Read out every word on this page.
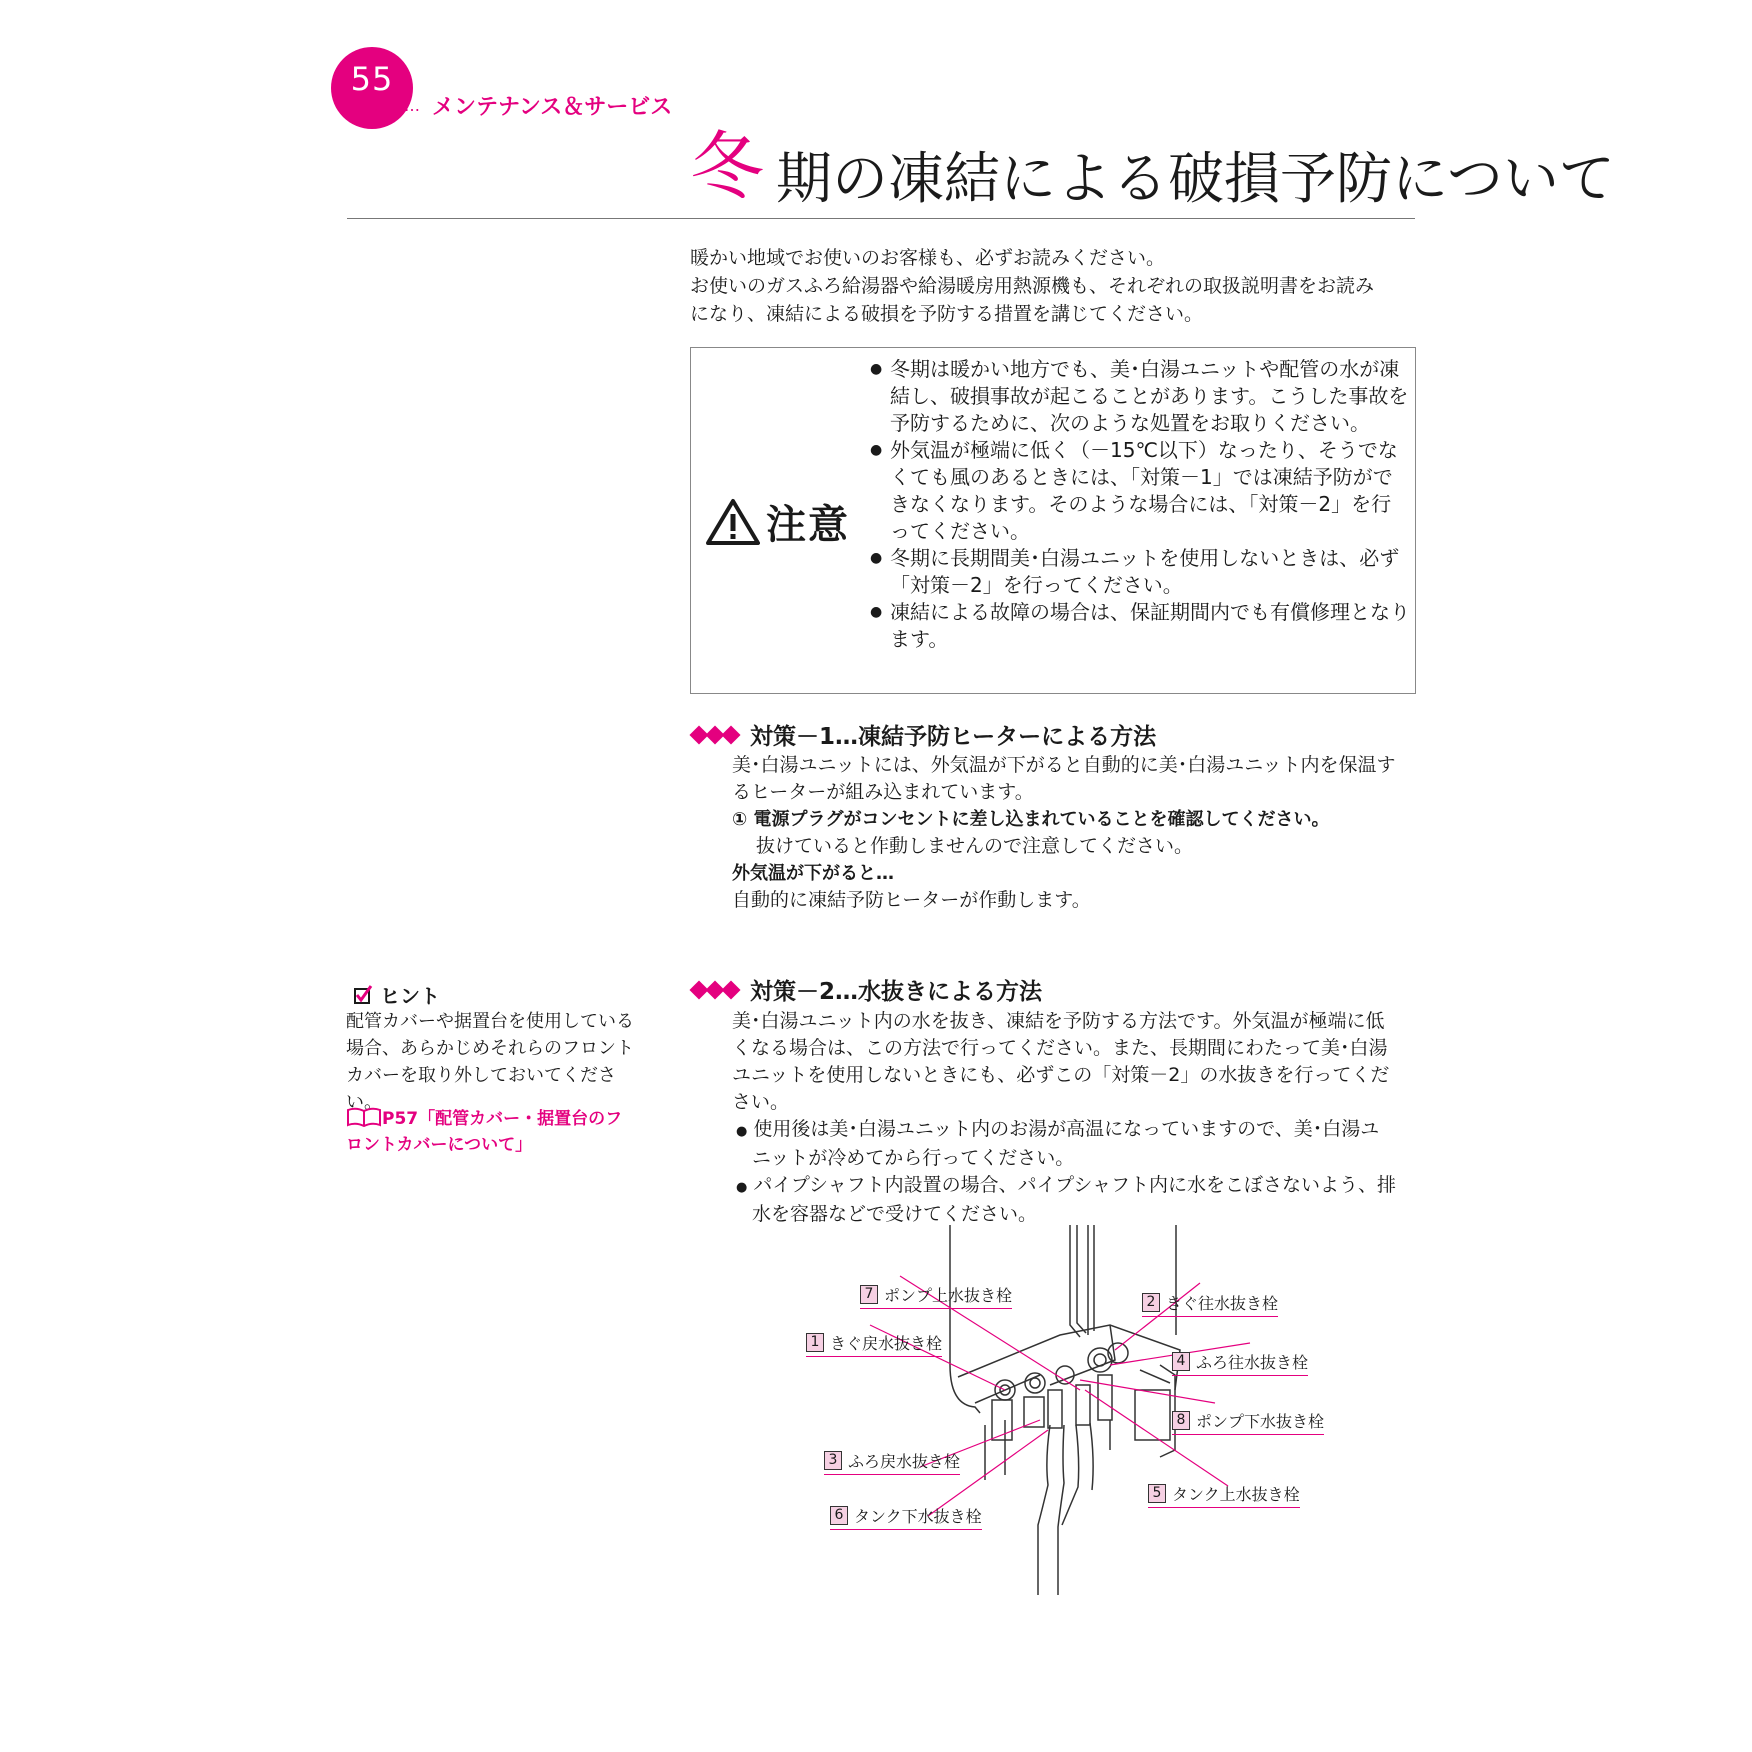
55
……… メンテナンス＆サービス
冬 期の凍結による破損予防について
暖かい地域でお使いのお客様も、必ずお読みください。
お使いのガスふろ給湯器や給湯暖房用熱源機も、それぞれの取扱説明書をお読み
になり、凍結による破損を予防する措置を講じてください。
注意
● 冬期は暖かい地方でも、美･白湯ユニットや配管の水が凍結し、破損事故が起こることがあります。こうした事故を予防するために、次のような処置をお取りください。
● 外気温が極端に低く（－15℃以下）なったり、そうでなくても風のあるときには、「対策－1」では凍結予防ができなくなります。そのような場合には、「対策－2」を行ってください。
● 冬期に長期間美･白湯ユニットを使用しないときは、必ず「対策－2」を行ってください。
● 凍結による故障の場合は、保証期間内でも有償修理となります。
対策－1…凍結予防ヒーターによる方法
美･白湯ユニットには、外気温が下がると自動的に美･白湯ユニット内を保温す
るヒーターが組み込まれています。
① 電源プラグがコンセントに差し込まれていることを確認してください。
抜けていると作動しませんので注意してください。
外気温が下がると…
自動的に凍結予防ヒーターが作動します。
ヒント
配管カバーや据置台を使用している場合、あらかじめそれらのフロントカバーを取り外しておいてください。
P57「配管カバー・据置台のフロントカバーについて」
対策－2…水抜きによる方法
美･白湯ユニット内の水を抜き、凍結を予防する方法です。外気温が極端に低
くなる場合は、この方法で行ってください。また、長期間にわたって美･白湯
ユニットを使用しないときにも、必ずこの「対策－2」の水抜きを行ってくだ
さい。
● 使用後は美･白湯ユニット内のお湯が高温になっていますので、美･白湯ユ
ニットが冷めてから行ってください。
● パイプシャフト内設置の場合、パイプシャフト内に水をこぼさないよう、排
水を容器などで受けてください。
7 ポンプ上水抜き栓	2 きぐ往水抜き栓
1 きぐ戻水抜き栓
4 ふろ往水抜き栓
8 ポンプ下水抜き栓
3 ふろ戻水抜き栓
5 タンク上水抜き栓
6 タンク下水抜き栓
